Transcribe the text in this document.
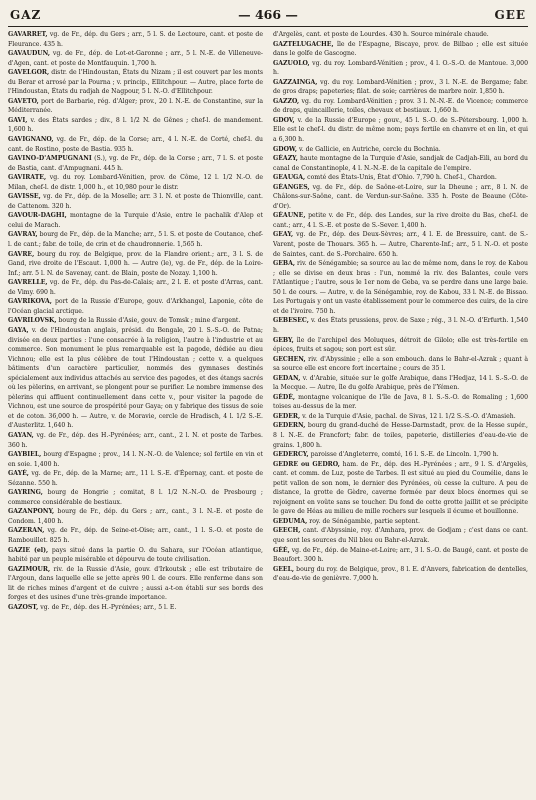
GAZ	— 466 —	GEE

GAVARRET, vg. de Fr., dép. du Gers ; arr., 5 l. S. de Lectoure, cant. et poste de Fleurance. 435 h.

GAVAUDUN, vg. de Fr., dép. de Lot-et-Garonne ; arr., 5 l. N.-E. de Villeneuve-d'Agen, cant. et poste de Montfauquin. 1,700 h.

GAVELGOR, distr. de l'Hindoustan, États du Nizam ; il est couvert par les monts du Berar et arrosé par la Pourna ; v. princip., Ellitchpour. — Autre, place forte de l'Hindoustan, États du radjah de Nagpour, 5 l. N.-O. d'Ellitchpour.

GAVETO, port de Barbarie, rég. d'Alger; prov., 20 l. N.-E. de Constantine, sur la Méditerranée.

GAVI, v. des États sardes ; div., 8 l. 1/2 N. de Gênes ; chef-l. de mandement. 1,600 h.

GAVIGNANO, vg. de Fr., dép. de la Corse; arr., 4 l. N.-E. de Corté, chef-l. du cant. de Rostino, poste de Bastia. 935 h.

GAVINO-D'AMPUGNANI (S.), vg. de Fr., dép. de la Corse ; arr., 7 l. S. et poste de Bastia, cant. d'Ampugnani. 445 h.

GAVIRATE, vg. du roy. Lombard-Vénitien, prov. de Côme, 12 l. 1/2 N.-O. de Milan, chef-l. de distr. 1,000 h., et 10,980 pour le distr.

GAVISSE, vg. de Fr., dép. de la Moselle; arr. 3 l. N. et poste de Thionville, cant. de Cattenom. 320 h.

GAVOUR-DAGHI, montagne de la Turquie d'Asie, entre le pachalik d'Alep et celui de Marach.

GAVRAY, bourg de Fr., dép. de la Manche; arr., 5 l. S. et poste de Coutance, chef-l. de cant.; fabr. de toile, de crin et de chaudronnerie. 1,565 h.

GAVRE, bourg du roy. de Belgique, prov. de la Flandre orient.; arr., 3 l. S. de Gand, rive droite de l'Escaut. 1,000 h. — Autre (le), vg. de Fr., dép. de la Loire-Inf.; arr. 5 l. N. de Savenay, cant. de Blain, poste de Nozay. 1,100 h.

GAVRELLE, vg. de Fr., dép. du Pas-de-Calais; arr., 2 l. E. et poste d'Arras, cant. de Vimy. 690 h.

GAVRIKOVA, port de la Russie d'Europe, gouv. d'Arkhangel, Laponie, côte de l'Océan glacial arctique.

GAVRILOVSK, bourg de la Russie d'Asie, gouv. de Tomsk ; mine d'argent.

GAYA, v. de l'Hindoustan anglais, présid. du Bengale, 20 l. S.-S.-O. de Patna; divisée en deux parties : l'une consacrée à la religion, l'autre à l'industrie et au commerce. Son monument le plus remarquable est la pagode, dédiée au dieu Vichnou; elle est la plus célèbre de tout l'Hindoustan ; cette v. a quelques bâtiments d'un caractère particulier, nommés des gymnases destinés spécialement aux individus attachés au service des pagodes, et des étangs sacrés où les pèlerins, en arrivant, se plongent pour se purifier. Le nombre immense des pèlerins qui affluent continuellement dans cette v., pour visiter la pagode de Vichnou, est une source de prospérité pour Gaya; on y fabrique des tissus de soie et de coton. 36,000 h. — Autre, v. de Moravie, cercle de Hradisch, 4 l. 1/2 S.-E. d'Austerlitz. 1,640 h.

GAYAN, vg. de Fr., dép. des H.-Pyrénées; arr., cant., 2 l. N. et poste de Tarbes. 360 h.

GAYBIEL, bourg d'Espagne ; prov., 14 l. N.-N.-O. de Valence; sol fertile en vin et en soie. 1,400 h.

GAYÉ, vg. de Fr., dép. de la Marne; arr., 11 l. S.-E. d'Épernay, cant. et poste de Sézanne. 550 h.

GAYRING, bourg de Hongrie ; comitat, 8 l. 1/2 N.-N.-O. de Presbourg ; commerce considérable de bestiaux.

GAZANPONY, bourg de Fr., dép. du Gers ; arr., cant., 3 l. N.-E. et poste de Condom. 1,400 h.

GAZERAN, vg. de Fr., dép. de Seine-et-Oise; arr., cant., 1 l. S.-O. et poste de Rambouillet. 825 h.

GAZIE (el), pays situé dans la partie O. du Sahara, sur l'Océan atlantique, habité par un peuple misérable et dépourvu de toute civilisation.

GAZIMOUR, riv. de la Russie d'Asie, gouv. d'Irkoutsk ; elle est tributaire de l'Argoun, dans laquelle elle se jette après 90 l. de cours. Elle renferme dans son lit de riches mines d'argent et de cuivre ; aussi a-t-on établi sur ses bords des forges et des usines d'une très-grande importance.

GAZOST, vg. de Fr., dép. des H.-Pyrénées; arr., 5 l. E.

d'Argelès, cant. et poste de Lourdes. 430 h. Source minérale chaude.

GAZTELUGACHE, île de l'Espagne, Biscaye, prov. de Bilbao ; elle est située dans le golfe de Gascogne.

GAZUOLO, vg. du roy. Lombard-Vénitien ; prov., 4 l. O.-S.-O. de Mantoue. 3,000 h.

GAZZAINGA, vg. du roy. Lombard-Vénitien ; prov., 3 l. N.-E. de Bergame; fabr. de gros draps; papeteries; filat. de soie; carrières de marbre noir. 1,850 h.

GAZZO, vg. du roy. Lombard-Vénitien ; prov. 3 l. N.-N.-E. de Vicence; commerce de draps, quincaillerie, toiles, chevaux et bestiaux. 1,660 h.

GDOV, v. de la Russie d'Europe ; gouv., 45 l. S.-O. de S.-Pétersbourg. 1,000 h. Elle est le chef-l. du distr. de même nom; pays fertile en chanvre et en lin, et qui a 6,300 h.

GDOW, v. de Gallicie, en Autriche, cercle du Bochnia.

GÉAZY, haute montagne de la Turquie d'Asie, sandjak de Cadjah-Eili, au bord du canal de Constantinople, 4 l. N.-N.-E. de la capitale de l'empire.

GEAUGA, comté des États-Unis, État d'Ohio. 7,790 h. Chef-l., Chardon.

GÉANGES, vg. de Fr., dép. de Saône-et-Loire, sur la Dheune ; arr., 8 l. N. de Châlons-sur-Saône, cant. de Verdun-sur-Saône. 335 h. Poste de Beaune (Côte-d'Or).

GÉAUNE, petite v. de Fr., dép. des Landes, sur la rive droite du Bas, chef-l. de cant.; arr., 4 l. S.-E. et poste de S.-Sever. 1,400 h.

GEAY, vg. de Fr., dép. des Deux-Sèvres; arr., 4 l. E. de Bressuire, cant. de S.-Varent, poste de Thouars. 365 h. — Autre, Charente-Inf.; arr., 5 l. N.-O. et poste de Saintes, cant. de S.-Porchaire. 650 h.

GEBA, riv. de Sénégambie; sa source au lac de même nom, dans le roy. de Kabou ; elle se divise en deux bras : l'un, nommé la riv. des Balantes, coule vers l'Atlantique ; l'autre, sous le 1er nom de Geba, va se perdre dans une large baie. 50 l. de cours. — Autre, v. de la Sénégambie, roy. de Kabou, 33 l. N.-E. de Bissao. Les Portugais y ont un vaste établissement pour le commerce des cuirs, de la cire et de l'ivoire. 750 h.

GEBESEC, v. des États prussiens, prov. de Saxe ; rég., 3 l. N.-O. d'Erfurth. 1,540 h.

GEBY, île de l'archipel des Moluques, détroit de Gilolo; elle est très-fertile en épices, fruits et sagou; son port est sûr.

GECHEN, riv. d'Abyssinie ; elle a son embouch. dans le Bahr-el-Azrak ; quant à sa source elle est encore fort incertaine ; cours de 35 l.

GEDAN, v. d'Arabie, située sur le golfe Arabique, dans l'Hedjaz, 14 l. S.-S.-O. de la Mecque. — Autre, île du golfe Arabique, près de l'Yémen.

GÉDÉ, montagne volcanique de l'île de Java, 8 l. S.-S.-O. de Romaling ; 1,600 toises au-dessus de la mer.

GEDER, v. de la Turquie d'Asie, pachal. de Sivas, 12 l. 1/2 S.-S.-O. d'Amasieh.

GEDERN, bourg du grand-duché de Hesse-Darmstadt, prov. de la Hesse supér., 8 l. N.-E. de Francfort; fabr. de toiles, papeterie, distilleries d'eau-de-vie de grains. 1,800 h.

GEDERCY, paroisse d'Angleterre, comté, 16 l. S.-E. de Lincoln. 1,790 h.

GEDRE ou GEDRO, ham. de Fr., dép. des H.-Pyrénées ; arr., 9 l. S. d'Argelès, cant. et comm. de Luz, poste de Tarbes. Il est situé au pied du Coumélie, dans le petit vallon de son nom, le dernier des Pyrénées, où cesse la culture. A peu de distance, la grotte de Gèdre, caverne formée par deux blocs énormes qui se rejoignent en voûte sans se toucher. Du fond de cette grotte jaillit et se précipite le gave de Héas au milieu de mille rochers sur lesquels il écume et bouillonne.

GEDUMA, roy. de Sénégambie, partie septent.

GEECH, cant. d'Abyssinie, roy. d'Amhara, prov. de Godjam ; c'est dans ce cant. que sont les sources du Nil bleu ou Bahr-el-Azrak.

GÉÉ, vg. de Fr., dép. de Maine-et-Loire; arr., 3 l. S.-O. de Baugé, cant. et poste de Beaufort. 300 h.

GEEL, bourg du roy. de Belgique, prov., 8 l. E. d'Anvers, fabrication de dentelles, d'eau-de-vie de genièvre. 7,000 h.
